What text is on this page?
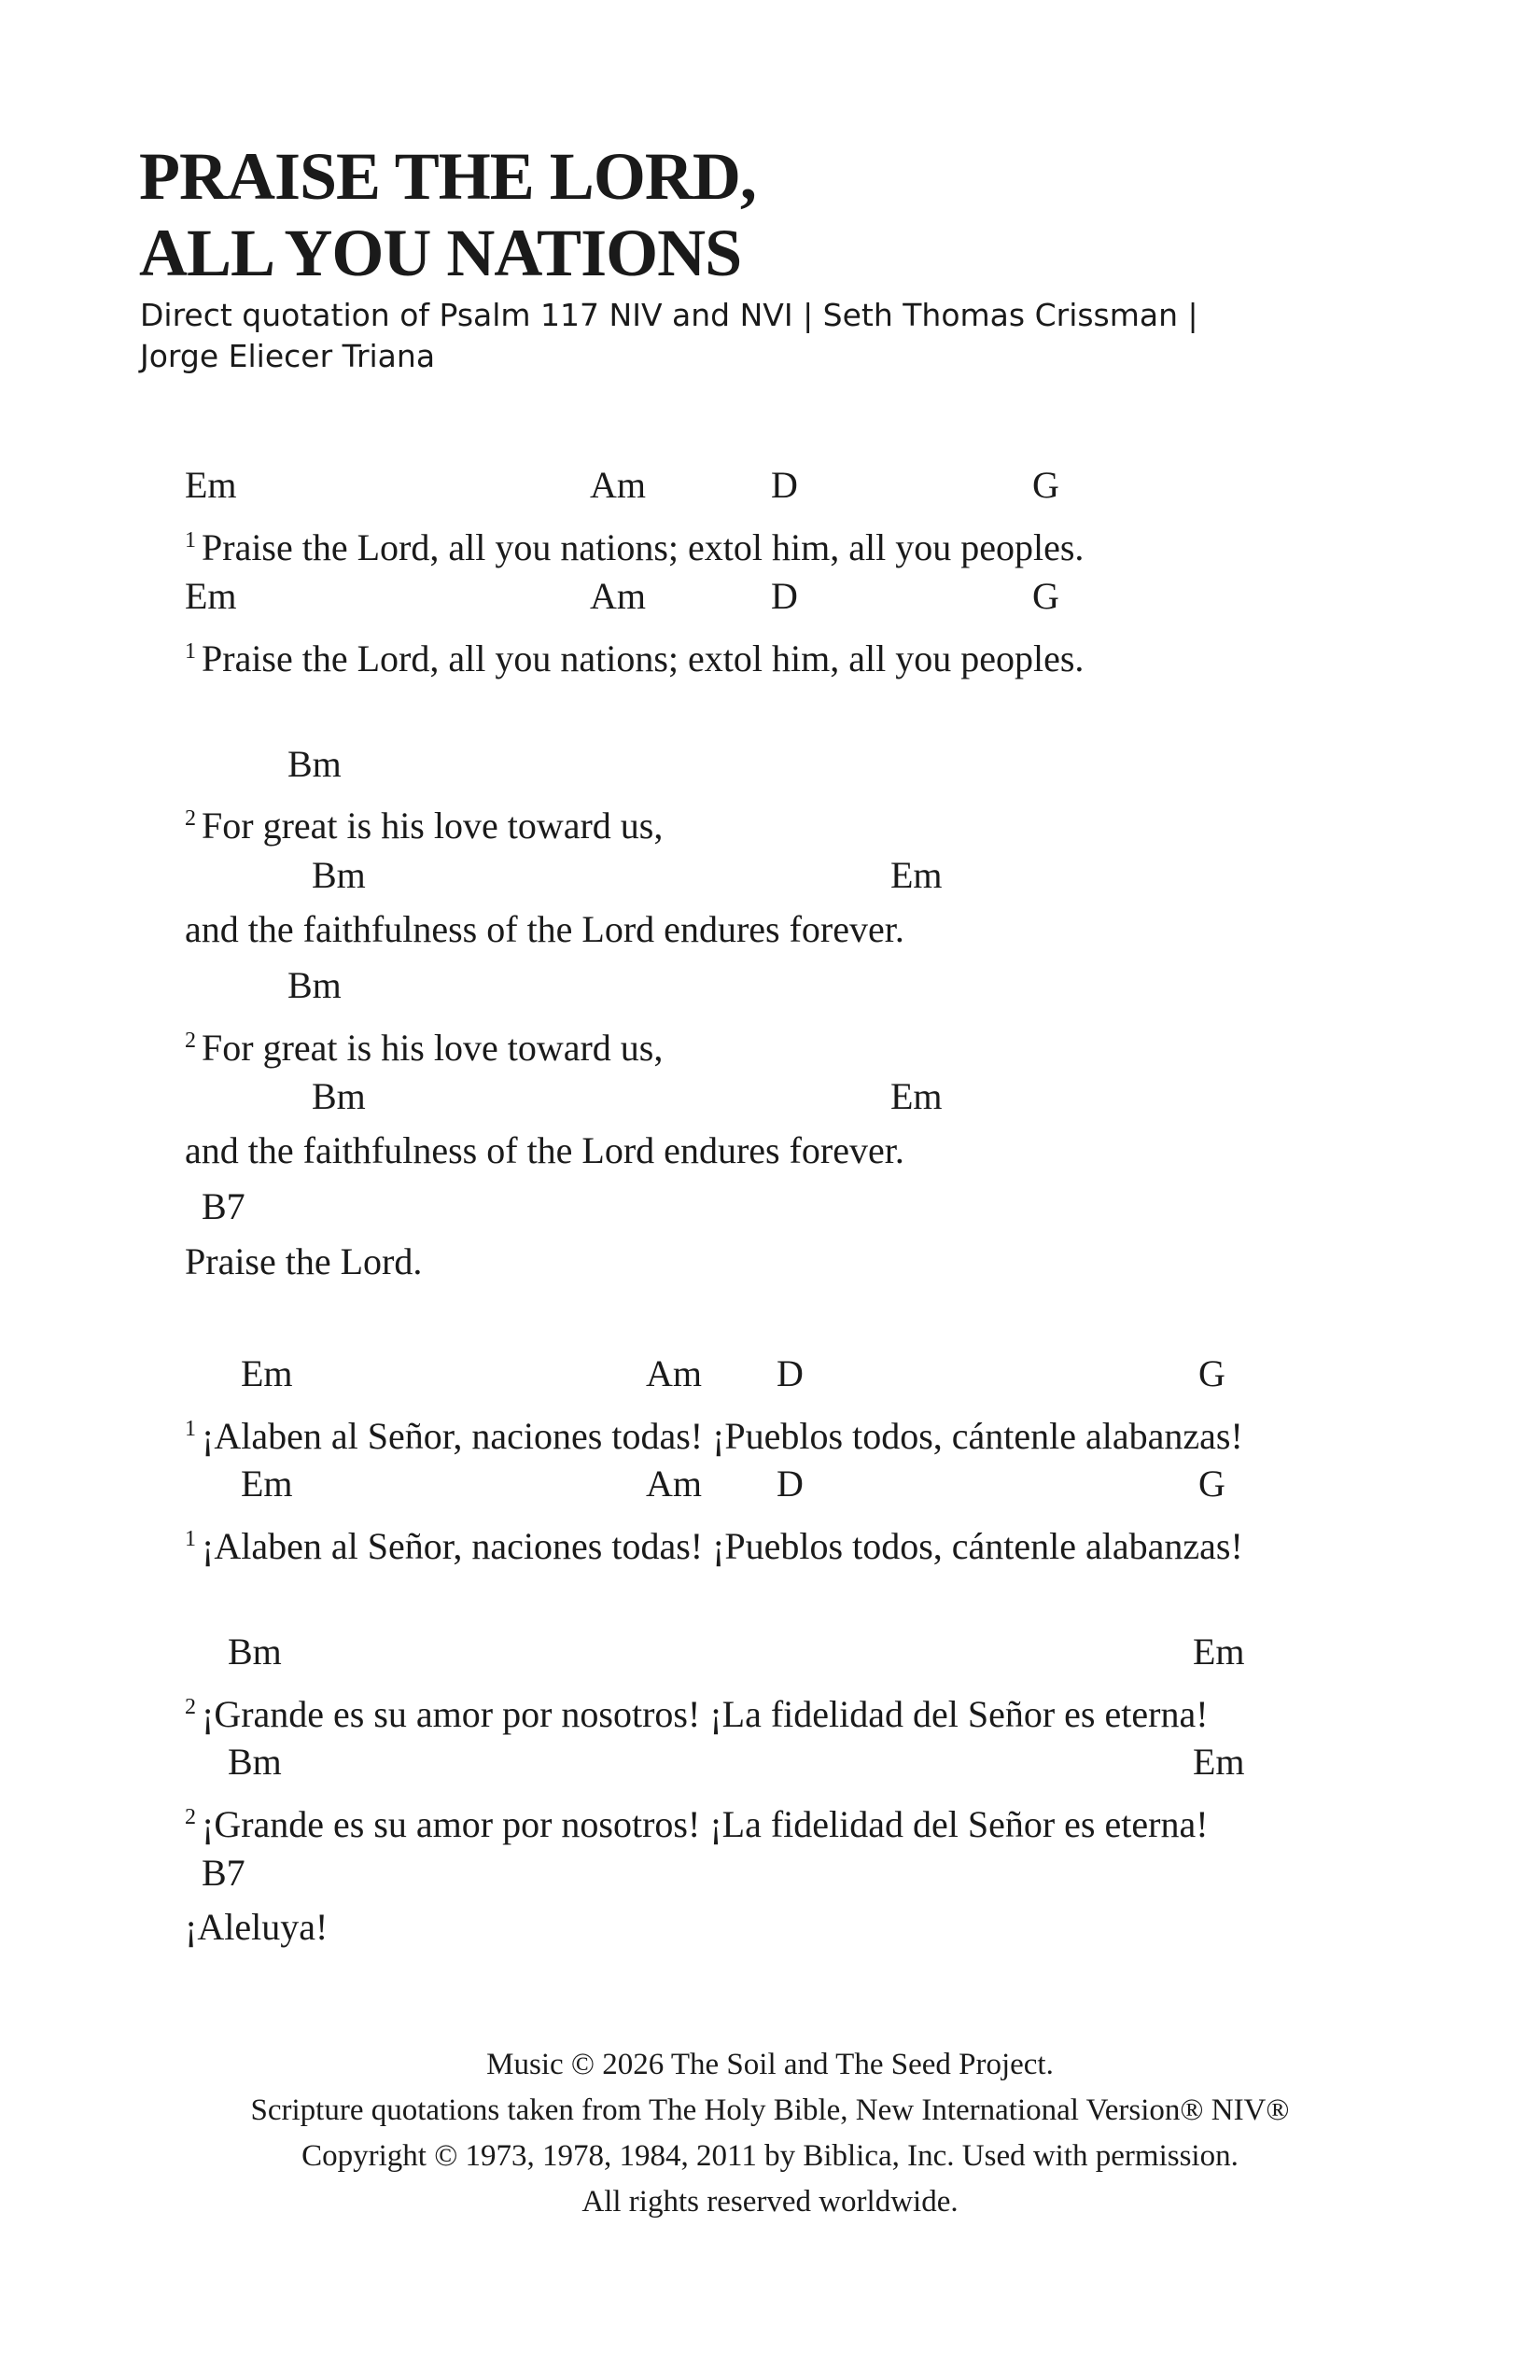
PRAISE THE LORD,
ALL YOU NATIONS
Direct quotation of Psalm 117 NIV and NVI | Seth Thomas Crissman |
Jorge Eliecer Triana
Em	Am	D	G
$^1$ Praise the Lord, all you nations; extol him, all you peoples.
Em	Am	D	G
$^1$ Praise the Lord, all you nations; extol him, all you peoples.
Bm
$^2$ For great is his love toward us,
Bm	Em
and the faithfulness of the Lord endures forever.
Bm
$^2$ For great is his love toward us,
Bm	Em
and the faithfulness of the Lord endures forever.
B7
Praise the Lord.
Em	Am D	G
$^1$ ¡Alaben al Señor, naciones todas! ¡Pueblos todos, cántenle alabanzas!
Em	Am D	G
$^1$ ¡Alaben al Señor, naciones todas! ¡Pueblos todos, cántenle alabanzas!
Bm	Em
$^2$ ¡Grande es su amor por nosotros! ¡La fidelidad del Señor es eterna!
Bm	Em
$^2$ ¡Grande es su amor por nosotros! ¡La fidelidad del Señor es eterna!
B7
¡Aleluya!
Music © 2026 The Soil and The Seed Project.
Scripture quotations taken from The Holy Bible, New International Version® NIV®
Copyright © 1973, 1978, 1984, 2011 by Biblica, Inc. Used with permission.
All rights reserved worldwide.
